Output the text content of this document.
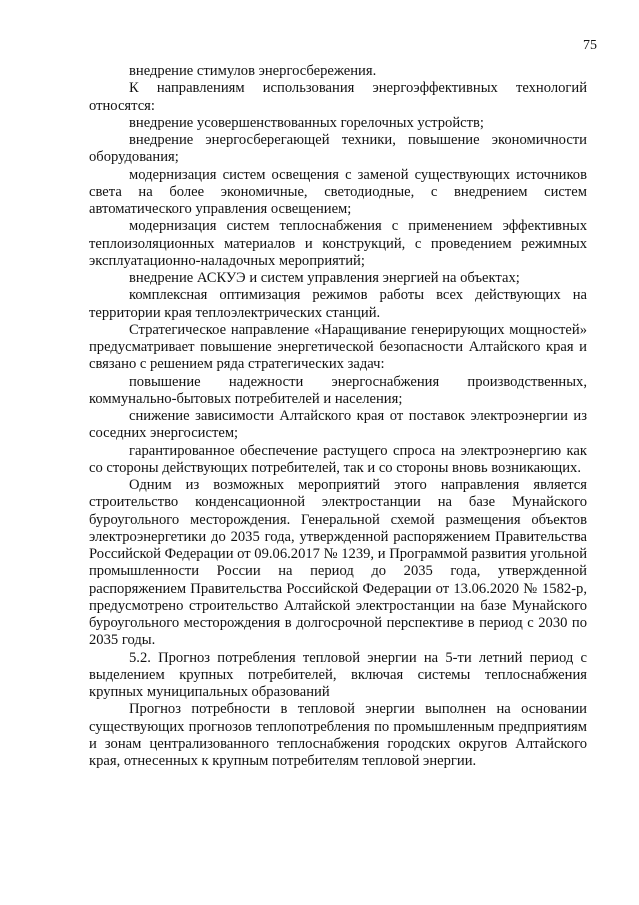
75

внедрение стимулов энергосбережения.

К направлениям использования энергоэффективных технологий относятся:

внедрение усовершенствованных горелочных устройств;

внедрение энергосберегающей техники, повышение экономичности оборудования;

модернизация систем освещения с заменой существующих источников света на более экономичные, светодиодные, с внедрением систем автоматического управления освещением;

модернизация систем теплоснабжения с применением эффективных теплоизоляционных материалов и конструкций, с проведением режимных эксплуатационно-наладочных мероприятий;

внедрение АСКУЭ и систем управления энергией на объектах;

комплексная оптимизация режимов работы всех действующих на территории края теплоэлектрических станций.

Стратегическое направление «Наращивание генерирующих мощностей» предусматривает повышение энергетической безопасности Алтайского края и связано с решением ряда стратегических задач:

повышение надежности энергоснабжения производственных, коммунально-бытовых потребителей и населения;

снижение зависимости Алтайского края от поставок электроэнергии из соседних энергосистем;

гарантированное обеспечение растущего спроса на электроэнергию как со стороны действующих потребителей, так и со стороны вновь возникающих.

Одним из возможных мероприятий этого направления является строительство конденсационной электростанции на базе Мунайского буроугольного месторождения. Генеральной схемой размещения объектов электроэнергетики до 2035 года, утвержденной распоряжением Правительства Российской Федерации от 09.06.2017 № 1239, и Программой развития угольной промышленности России на период до 2035 года, утвержденной распоряжением Правительства Российской Федерации от 13.06.2020 № 1582-р, предусмотрено строительство Алтайской электростанции на базе Мунайского буроугольного месторождения в долгосрочной перспективе в период с 2030 по 2035 годы.

5.2. Прогноз потребления тепловой энергии на 5-ти летний период с выделением крупных потребителей, включая системы теплоснабжения крупных муниципальных образований

Прогноз потребности в тепловой энергии выполнен на основании существующих прогнозов теплопотребления по промышленным предприятиям и зонам централизованного теплоснабжения городских округов Алтайского края, отнесенных к крупным потребителям тепловой энергии.
